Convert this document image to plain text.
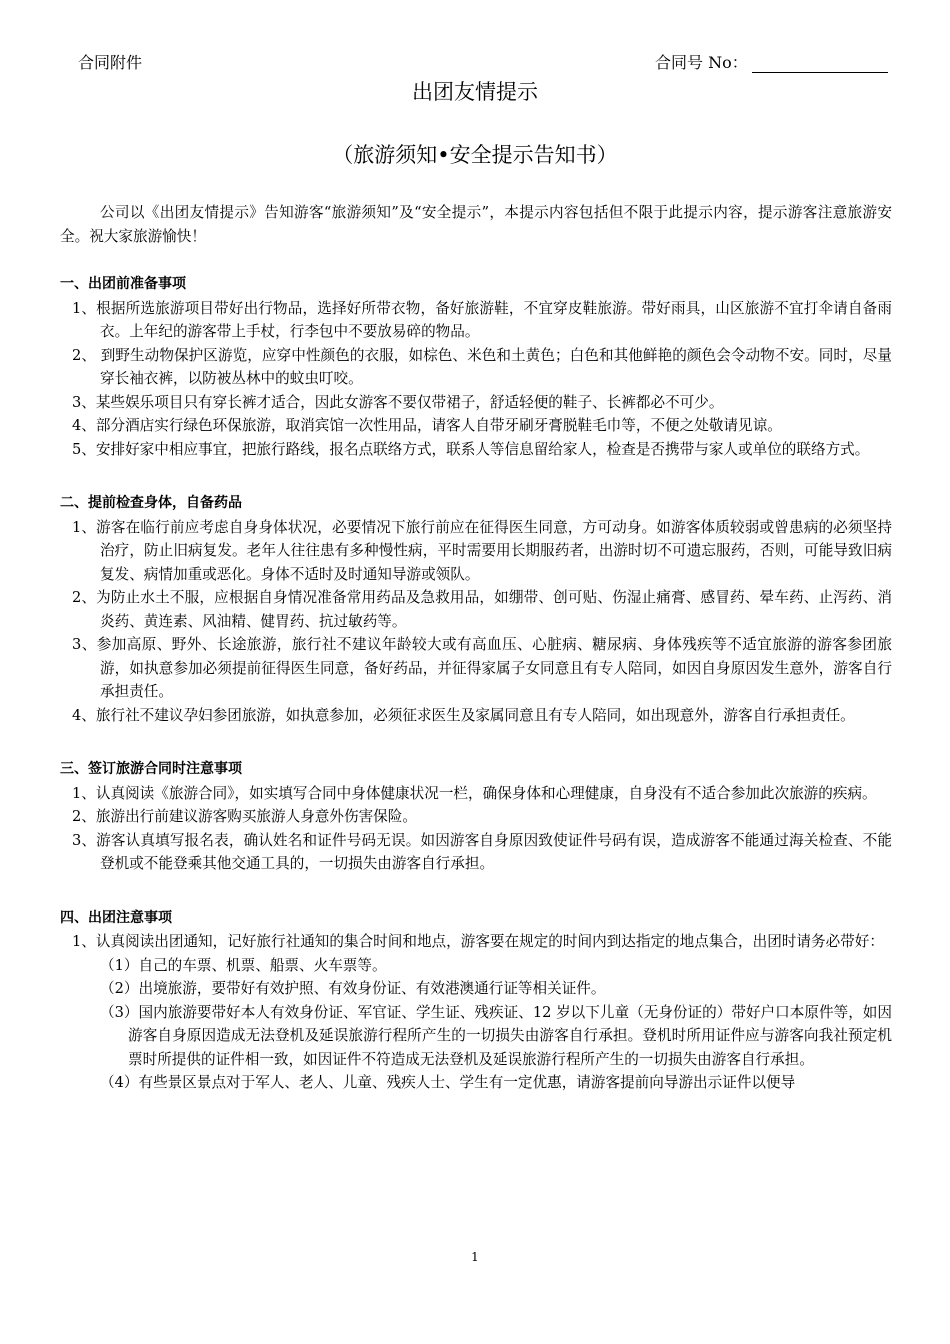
合同附件	合同号 No：
出团友情提示
（旅游须知•安全提示告知书）

公司以《出团友情提示》告知游客“旅游须知”及“安全提示”，本提示内容包括但不限于此提示内容，提示游客注意旅游安全。祝大家旅游愉快！

一、出团前准备事项
1、根据所选旅游项目带好出行物品，选择好所带衣物，备好旅游鞋，不宜穿皮鞋旅游。带好雨具，山区旅游不宜打伞请自备雨衣。上年纪的游客带上手杖，行李包中不要放易碎的物品。
2、 到野生动物保护区游览，应穿中性颜色的衣服，如棕色、米色和土黄色；白色和其他鲜艳的颜色会令动物不安。同时，尽量穿长袖衣裤，以防被丛林中的蚊虫叮咬。
3、某些娱乐项目只有穿长裤才适合，因此女游客不要仅带裙子，舒适轻便的鞋子、长裤都必不可少。
4、部分酒店实行绿色环保旅游，取消宾馆一次性用品，请客人自带牙刷牙膏脱鞋毛巾等，不便之处敬请见谅。
5、安排好家中相应事宜，把旅行路线，报名点联络方式，联系人等信息留给家人，检查是否携带与家人或单位的联络方式。
二、提前检查身体，自备药品
1、游客在临行前应考虑自身身体状况，必要情况下旅行前应在征得医生同意，方可动身。如游客体质较弱或曾患病的必须坚持治疗，防止旧病复发。老年人往往患有多种慢性病，平时需要用长期服药者，出游时切不可遗忘服药，否则，可能导致旧病复发、病情加重或恶化。身体不适时及时通知导游或领队。
2、为防止水土不服，应根据自身情况准备常用药品及急救用品，如绷带、创可贴、伤湿止痛膏、感冒药、晕车药、止泻药、消炎药、黄连素、风油精、健胃药、抗过敏药等。
3、参加高原、野外、长途旅游，旅行社不建议年龄较大或有高血压、心脏病、糖尿病、身体残疾等不适宜旅游的游客参团旅游，如执意参加必须提前征得医生同意，备好药品，并征得家属子女同意且有专人陪同，如因自身原因发生意外，游客自行承担责任。
4、旅行社不建议孕妇参团旅游，如执意参加，必须征求医生及家属同意且有专人陪同，如出现意外，游客自行承担责任。
三、签订旅游合同时注意事项
1、认真阅读《旅游合同》，如实填写合同中身体健康状况一栏，确保身体和心理健康，自身没有不适合参加此次旅游的疾病。
2、旅游出行前建议游客购买旅游人身意外伤害保险。
3、游客认真填写报名表，确认姓名和证件号码无误。如因游客自身原因致使证件号码有误，造成游客不能通过海关检查、不能登机或不能登乘其他交通工具的，一切损失由游客自行承担。
四、出团注意事项
1、认真阅读出团通知，记好旅行社通知的集合时间和地点，游客要在规定的时间内到达指定的地点集合，出团时请务必带好：
（1）自己的车票、机票、船票、火车票等。
（2）出境旅游，要带好有效护照、有效身份证、有效港澳通行证等相关证件。
（3）国内旅游要带好本人有效身份证、军官证、学生证、残疾证、12 岁以下儿童（无身份证的）带好户口本原件等，如因游客自身原因造成无法登机及延误旅游行程所产生的一切损失由游客自行承担。登机时所用证件应与游客向我社预定机票时所提供的证件相一致，如因证件不符造成无法登机及延误旅游行程所产生的一切损失由游客自行承担。
（4）有些景区景点对于军人、老人、儿童、残疾人士、学生有一定优惠，请游客提前向导游出示证件以便导
1
